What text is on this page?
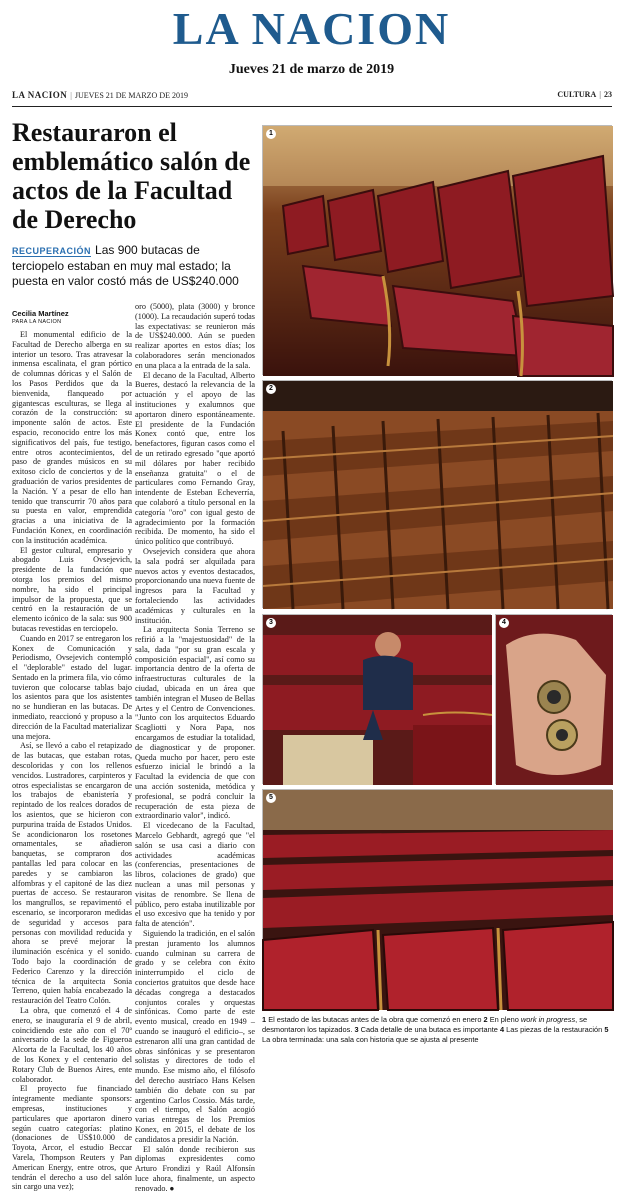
LA NACION
Jueves 21 de marzo de 2019
LA NACION | JUEVES 21 DE MARZO DE 2019	CULTURA | 23
Restauraron el emblemático salón de actos de la Facultad de Derecho
RECUPERACIÓN Las 900 butacas de terciopelo estaban en muy mal estado; la puesta en valor costó más de US$240.000
Cecilia Martínez
PARA LA NACION

El monumental edificio de la Facultad de Derecho alberga en su interior un tesoro. Tras atravesar la inmensa escalinata, el gran pórtico de columnas dóricas y el Salón de los Pasos Perdidos que da la bienvenida, flanqueado por gigantescas esculturas, se llega al corazón de la construcción: su imponente salón de actos. Este espacio, reconocido entre los más significativos del país, fue testigo, entre otros acontecimientos, del paso de grandes músicos en su exitoso ciclo de conciertos y de la graduación de varios presidentes de la Nación. Y a pesar de ello han tenido que transcurrir 70 años para su puesta en valor, emprendida gracias a una iniciativa de la Fundación Konex, en coordinación con la institución académica.

El gestor cultural, empresario y abogado Luis Ovsejevich, presidente de la fundación que otorga los premios del mismo nombre, ha sido el principal impulsor de la propuesta, que se centró en la restauración de un elemento icónico de la sala: sus 900 butacas revestidas en terciopelo.

Cuando en 2017 se entregaron los Konex de Comunicación y Periodismo, Ovsejevich contempló el "deplorable" estado del lugar. Sentado en la primera fila, vio cómo tuvieron que colocarse tablas bajo los asientos para que los asistentes no se hundieran en las butacas. De inmediato, reaccionó y propuso a la dirección de la Facultad materializar una mejora.

Así, se llevó a cabo el retapizado de las butacas, que estaban rotas, descoloridas y con los rellenos vencidos. Lustradores, carpinteros y otros especialistas se encargaron de los trabajos de ebanistería y repintado de los realces dorados de los asientos, que se hicieron con purpurina traída de Estados Unidos. Se acondicionaron los rosetones ornamentales, se añadieron banquetas, se compraron dos pantallas led para colocar en las paredes y se cambiaron las alfombras y el capitoné de las diez puertas de acceso. Se restauraron los mangrullos, se repavimentó el escenario, se incorporaron medidas de seguridad y accesos para personas con movilidad reducida y ahora se prevé mejorar la iluminación escénica y el sonido. Todo bajo la coordinación de Federico Carenzo y la dirección técnica de la arquitecta Sonia Terreno, quien había encabezado la restauración del Teatro Colón.

La obra, que comenzó el 4 de enero, se inauguraría el 9 de abril, coincidiendo este año con el 70º aniversario de la sede de Figueroa Alcorta de la Facultad, los 40 años de los Konex y el centenario del Rotary Club de Buenos Aires, ente colaborador.

El proyecto fue financiado íntegramente mediante sponsors: empresas, instituciones y particulares que aportaron dinero según cuatro categorías: platino (donaciones de US$10.000 de Toyota, Arcor, el estudio Beccar Varela, Thompson Reuters y Pan American Energy, entre otros, que tendrán el derecho a uso del salón sin cargo una vez);

oro (5000), plata (3000) y bronce (1000). La recaudación superó todas las expectativas: se reunieron más de US$240.000. Aún se pueden realizar aportes en estos días; los colaboradores serán mencionados en una placa a la entrada de la sala.

El decano de la Facultad, Alberto Bueres, destacó la relevancia de la actuación y el apoyo de las instituciones y exalumnos que aportaron dinero espontáneamente. El presidente de la Fundación Konex contó que, entre los benefactores, figuran casos como el de un retirado egresado "que aportó mil dólares por haber recibido enseñanza gratuita" o el de particulares como Fernando Gray, intendente de Esteban Echeverría, que colaboró a título personal en la categoría "oro" con igual gesto de agradecimiento por la formación recibida. De momento, ha sido el único político que contribuyó.

Ovsejevich considera que ahora la sala podrá ser alquilada para nuevos actos y eventos destacados, proporcionando una nueva fuente de ingresos para la Facultad y fortaleciendo las actividades académicas y culturales en la institución.

La arquitecta Sonia Terreno se refirió a la "majestuosidad" de la sala, dada "por su gran escala y composición espacial", así como su importancia dentro de la oferta de infraestructuras culturales de la ciudad, ubicada en un área que también integran el Museo de Bellas Artes y el Centro de Convenciones. "Junto con los arquitectos Eduardo Scagliotti y Nora Papa, nos encargamos de estudiar la totalidad, de diagnosticar y de proponer. Queda mucho por hacer, pero este esfuerzo inicial le brindó a la Facultad la evidencia de que con una acción sostenida, metódica y profesional, se podrá concluir la recuperación de esta pieza de extraordinario valor", indicó.

El vicedecano de la Facultad, Marcelo Gebhardt, agregó que "el salón se usa casi a diario con actividades académicas (conferencias, presentaciones de libros, colaciones de grado) que nuclean a unas mil personas y visitas de renombre. Se llena de público, pero estaba inutilizable por el uso excesivo que ha tenido y por falta de atención".

Siguiendo la tradición, en el salón prestan juramento los alumnos cuando culminan su carrera de grado y se celebra con éxito ininterrumpido el ciclo de conciertos gratuitos que desde hace décadas congrega a destacados conjuntos corales y orquestas sinfónicas. Como parte de este evento musical, creado en 1949 –cuando se inauguró el edificio–, se estrenaron allí una gran cantidad de obras sinfónicas y se presentaron solistas y directores de todo el mundo. Ese mismo año, el filósofo del derecho austríaco Hans Kelsen también dio debate con su par argentino Carlos Cossio. Más tarde, con el tiempo, el Salón acogió varias entregas de los Premios Konex, en 2015, el debate de los candidatos a presidir la Nación.

El salón donde recibieron sus diplomas expresidentes como Arturo Frondizi y Raúl Alfonsín luce ahora, finalmente, un aspecto renovado. ●

1
2
3	4
5
1 El estado de las butacas antes de la obra que comenzó en enero 2 En pleno work in progress, se desmontaron los tapizados. 3 Cada detalle de una butaca es importante 4 Las piezas de la restauración 5 La obra terminada: una sala con historia que se ajusta al presente
